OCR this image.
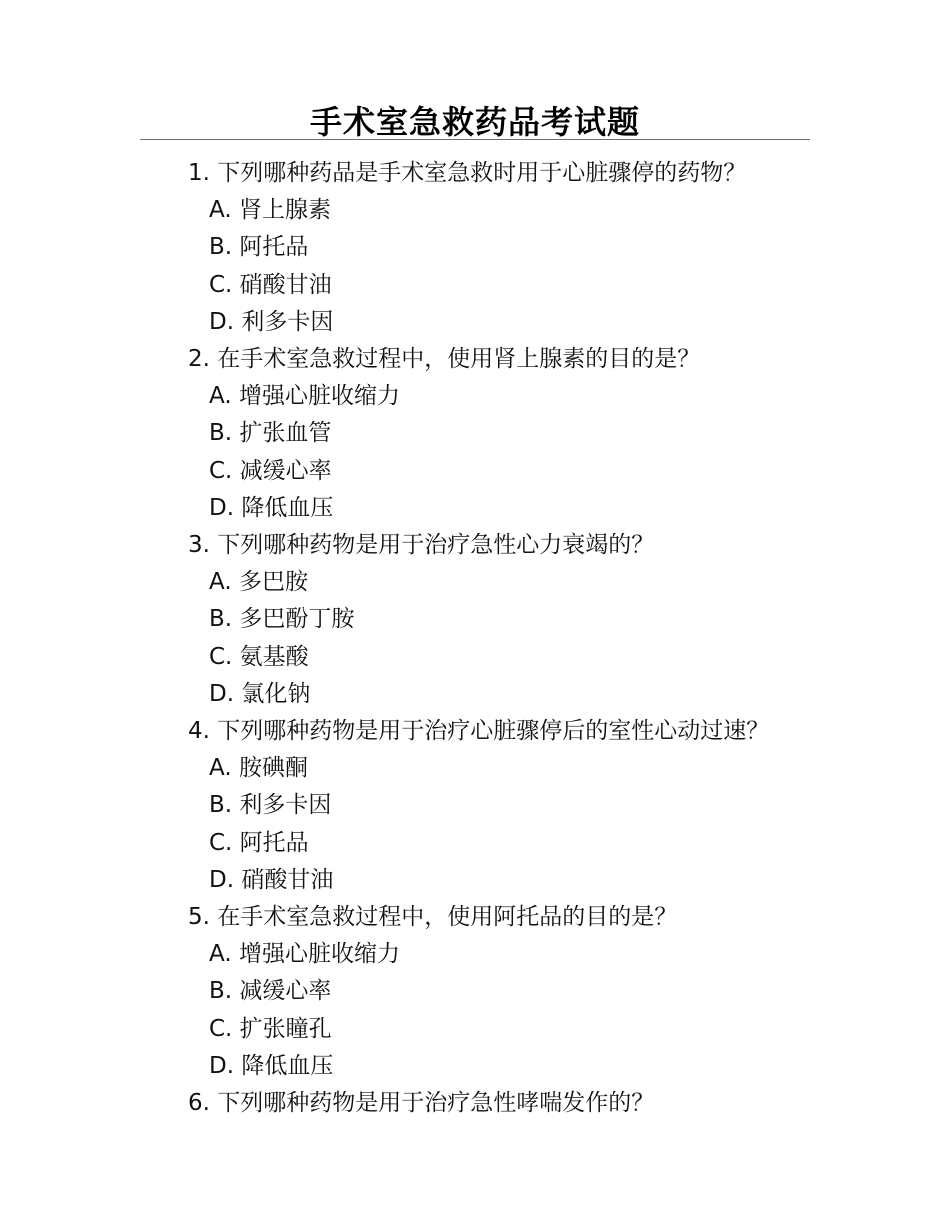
手术室急救药品考试题
1. 下列哪种药品是手术室急救时用于心脏骤停的药物？
A. 肾上腺素
B. 阿托品
C. 硝酸甘油
D. 利多卡因
2. 在手术室急救过程中，使用肾上腺素的目的是？
A. 增强心脏收缩力
B. 扩张血管
C. 减缓心率
D. 降低血压
3. 下列哪种药物是用于治疗急性心力衰竭的？
A. 多巴胺
B. 多巴酚丁胺
C. 氨基酸
D. 氯化钠
4. 下列哪种药物是用于治疗心脏骤停后的室性心动过速？
A. 胺碘酮
B. 利多卡因
C. 阿托品
D. 硝酸甘油
5. 在手术室急救过程中，使用阿托品的目的是？
A. 增强心脏收缩力
B. 减缓心率
C. 扩张瞳孔
D. 降低血压
6. 下列哪种药物是用于治疗急性哮喘发作的？
